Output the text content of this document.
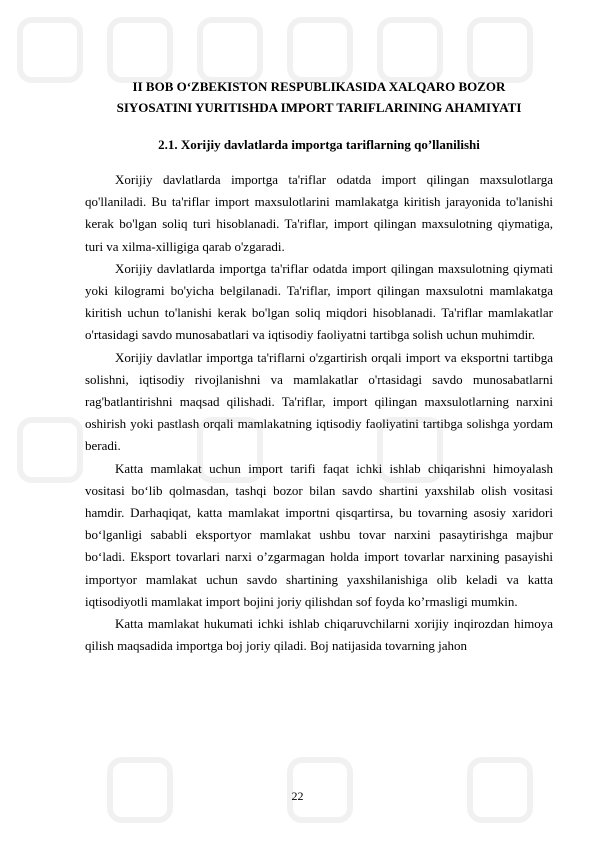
II BOB O‘ZBEKISTON RESPUBLIKASIDA XALQARO BOZOR
SIYOSATINI YURITISHDA IMPORT TARIFLARINING AHAMIYATI
2.1. Xorijiy davlatlarda importga tariflarning qo’llanilishi

Xorijiy davlatlarda importga ta'riflar odatda import qilingan maxsulotlarga qo'llaniladi. Bu ta'riflar import maxsulotlarini mamlakatga kiritish jarayonida to'lanishi kerak bo'lgan soliq turi hisoblanadi. Ta'riflar, import qilingan maxsulotning qiymatiga, turi va xilma-xilligiga qarab o'zgaradi.

Xorijiy davlatlarda importga ta'riflar odatda import qilingan maxsulotning qiymati yoki kilogrami bo'yicha belgilanadi. Ta'riflar, import qilingan maxsulotni mamlakatga kiritish uchun to'lanishi kerak bo'lgan soliq miqdori hisoblanadi. Ta'riflar mamlakatlar o'rtasidagi savdo munosabatlari va iqtisodiy faoliyatni tartibga solish uchun muhimdir.

Xorijiy davlatlar importga ta'riflarni o'zgartirish orqali import va eksportni tartibga solishni, iqtisodiy rivojlanishni va mamlakatlar o'rtasidagi savdo munosabatlarni rag'batlantirishni maqsad qilishadi. Ta'riflar, import qilingan maxsulotlarning narxini oshirish yoki pastlash orqali mamlakatning iqtisodiy faoliyatini tartibga solishga yordam beradi.

Katta mamlakat uchun import tarifi faqat ichki ishlab chiqarishni himoyalash vositasi bo‘lib qolmasdan, tashqi bozor bilan savdo shartini yaxshilab olish vositasi hamdir. Darhaqiqat, katta mamlakat importni qisqartirsa, bu tovarning asosiy xaridori bo‘lganligi sababli eksportyor mamlakat ushbu tovar narxini pasaytirishga majbur bo‘ladi. Eksport tovarlari narxi o’zgarmagan holda import tovarlar narxining pasayishi importyor mamlakat uchun savdo shartining yaxshilanishiga olib keladi va katta iqtisodiyotli mamlakat import bojini joriy qilishdan sof foyda ko’rmasligi mumkin.

Katta mamlakat hukumati ichki ishlab chiqaruvchilarni xorijiy inqirozdan himoya qilish maqsadida importga boj joriy qiladi. Boj natijasida tovarning jahon

22
